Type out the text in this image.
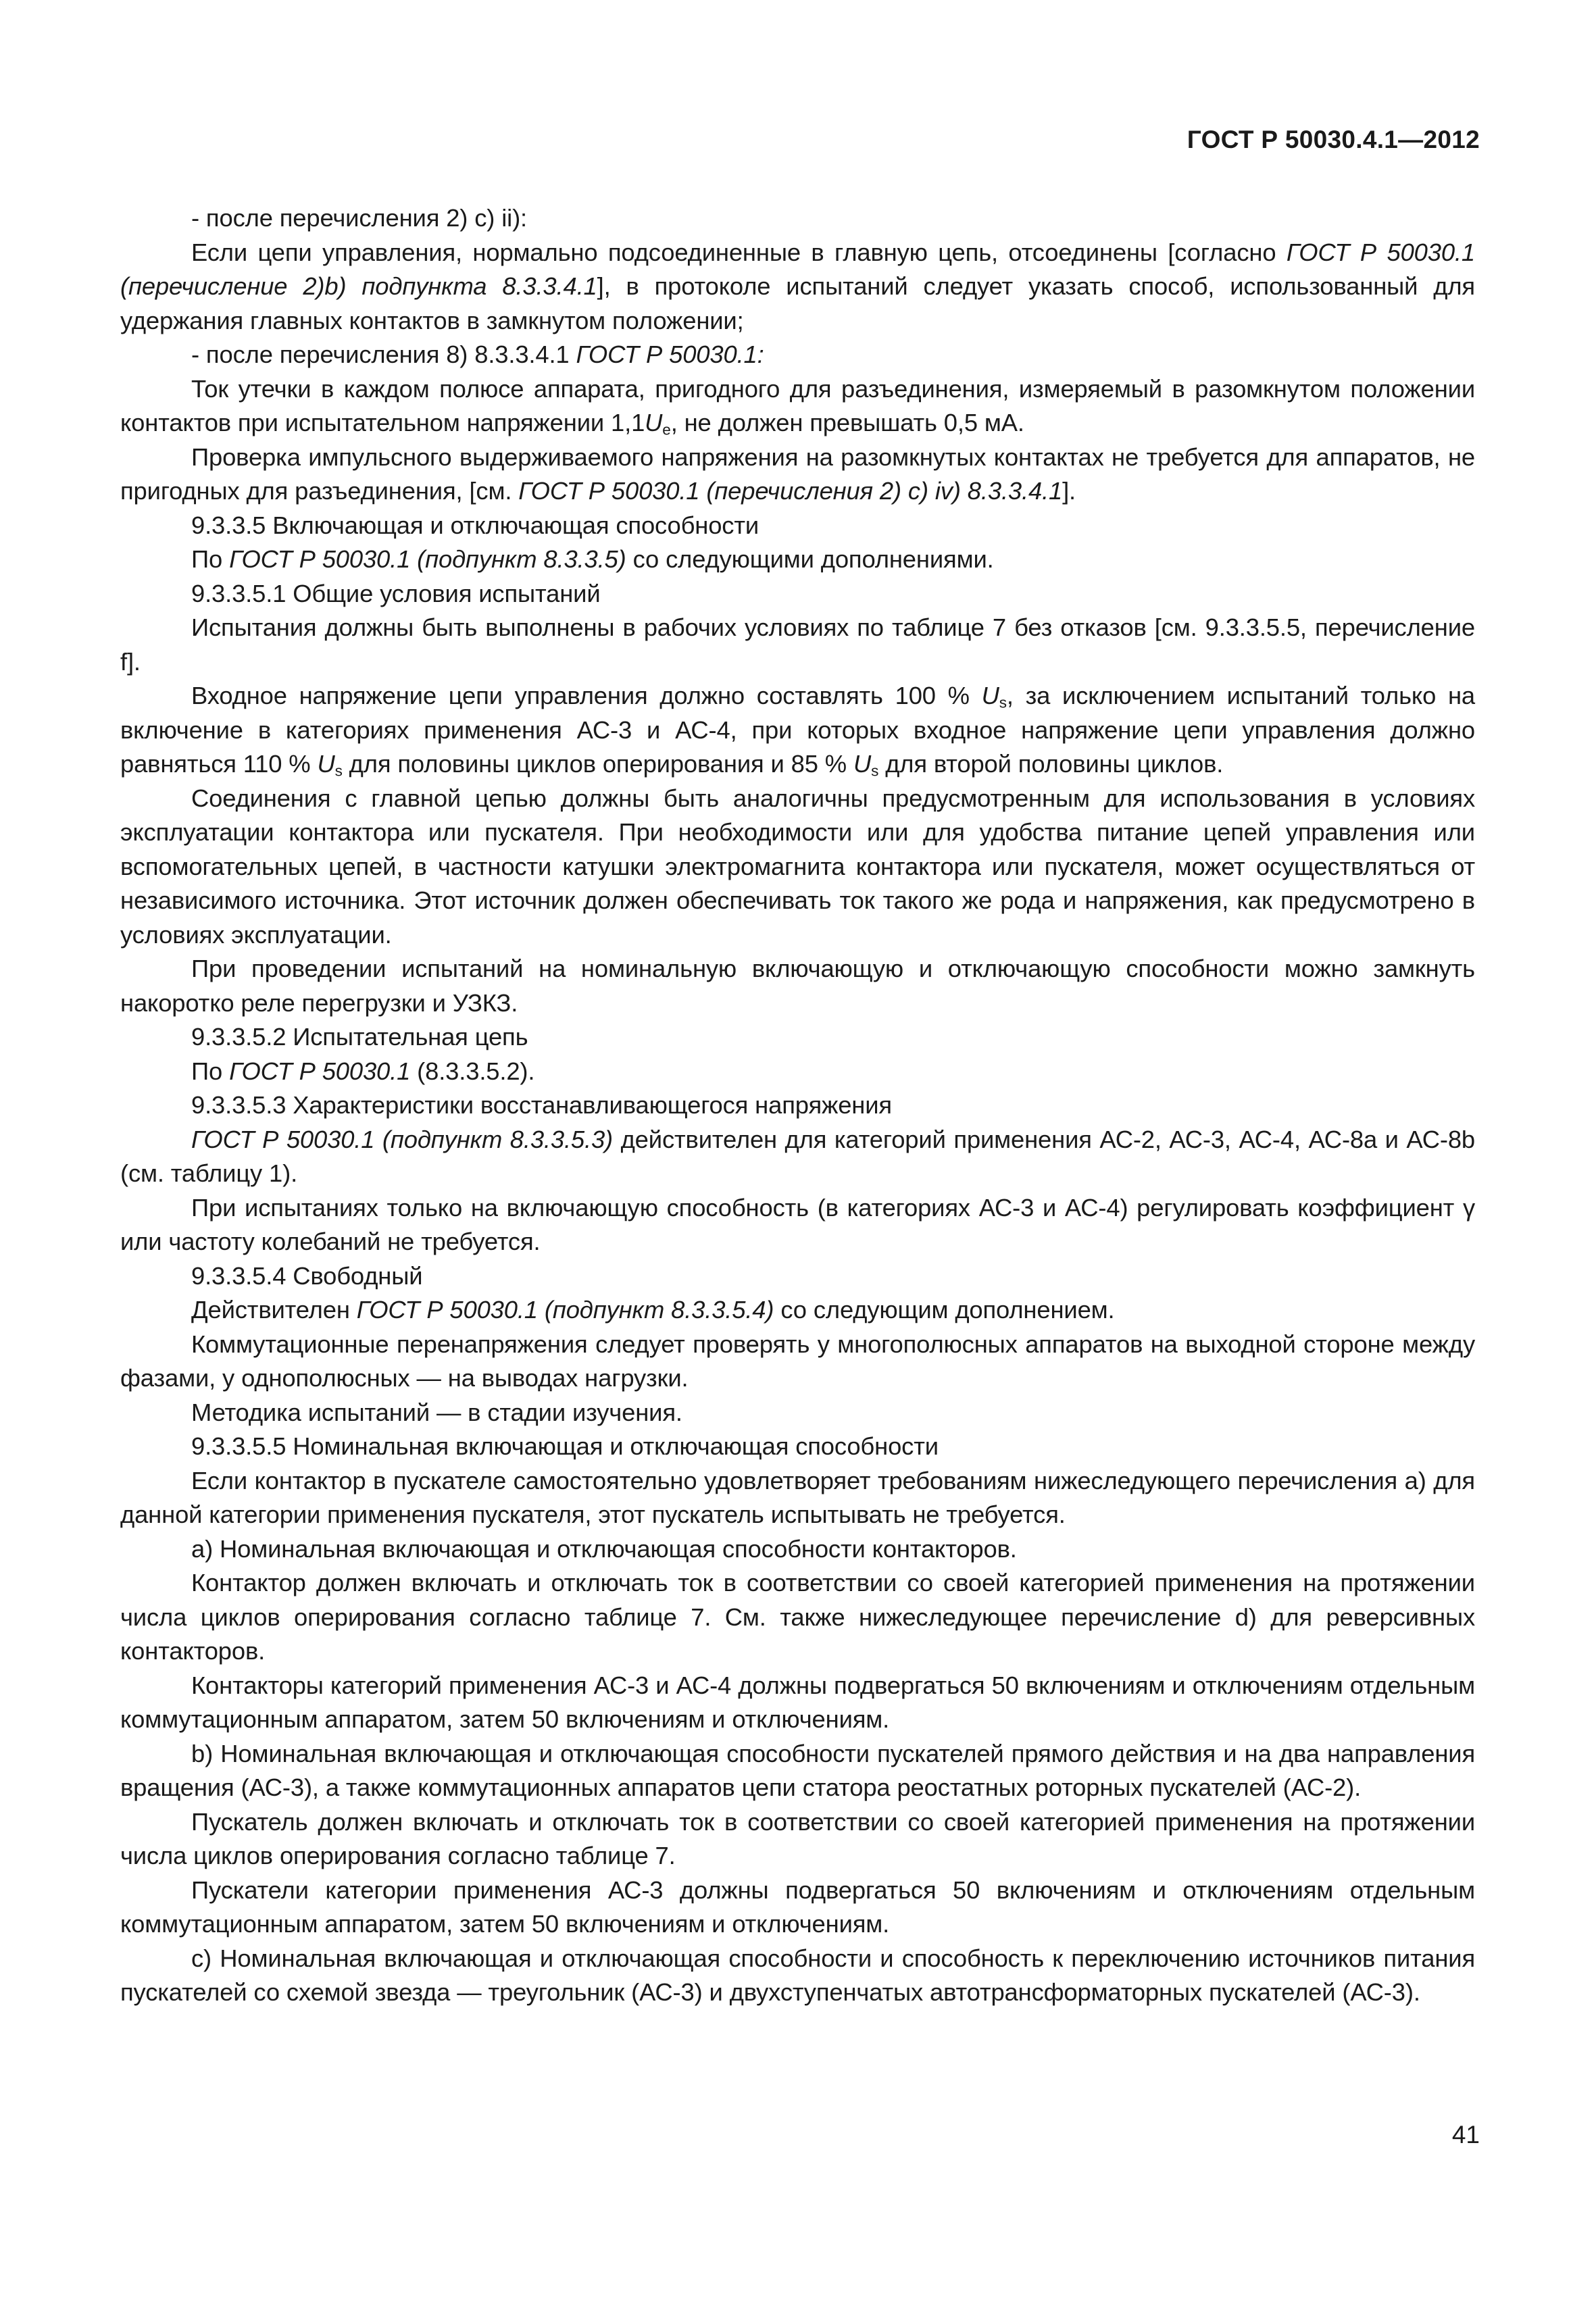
ГОСТ Р 50030.4.1—2012

- после перечисления 2) с) ii):

Если цепи управления, нормально подсоединенные в главную цепь, отсоединены [согласно ГОСТ Р 50030.1 (перечисление 2)b) подпункта 8.3.3.4.1], в протоколе испытаний следует указать способ, использованный для удержания главных контактов в замкнутом положении;

- после перечисления 8) 8.3.3.4.1 ГОСТ Р 50030.1:

Ток утечки в каждом полюсе аппарата, пригодного для разъединения, измеряемый в разомкнутом положении контактов при испытательном напряжении $1,1U_e$, не должен превышать 0,5 мА.

Проверка импульсного выдерживаемого напряжения на разомкнутых контактах не требуется для аппаратов, не пригодных для разъединения, [см. ГОСТ Р 50030.1 (перечисления 2) с) iv) 8.3.3.4.1].

9.3.3.5 Включающая и отключающая способности

По ГОСТ Р 50030.1 (подпункт 8.3.3.5) со следующими дополнениями.

9.3.3.5.1 Общие условия испытаний

Испытания должны быть выполнены в рабочих условиях по таблице 7 без отказов [см. 9.3.3.5.5, перечисление f].

Входное напряжение цепи управления должно составлять 100 % $U_s$, за исключением испытаний только на включение в категориях применения АС-3 и АС-4, при которых входное напряжение цепи управления должно равняться 110 % $U_s$ для половины циклов оперирования и 85 % $U_s$ для второй половины циклов.

Соединения с главной цепью должны быть аналогичны предусмотренным для использования в условиях эксплуатации контактора или пускателя. При необходимости или для удобства питание цепей управления или вспомогательных цепей, в частности катушки электромагнита контактора или пускателя, может осуществляться от независимого источника. Этот источник должен обеспечивать ток такого же рода и напряжения, как предусмотрено в условиях эксплуатации.

При проведении испытаний на номинальную включающую и отключающую способности можно замкнуть накоротко реле перегрузки и УЗКЗ.

9.3.3.5.2 Испытательная цепь

По ГОСТ Р 50030.1 (8.3.3.5.2).

9.3.3.5.3 Характеристики восстанавливающегося напряжения

ГОСТ Р 50030.1 (подпункт 8.3.3.5.3) действителен для категорий применения АС-2, АС-3, АС-4, АС-8а и АС-8b (см. таблицу 1).

При испытаниях только на включающую способность (в категориях АС-3 и АС-4) регулировать коэффициент γ или частоту колебаний не требуется.

9.3.3.5.4 Свободный

Действителен ГОСТ Р 50030.1 (подпункт 8.3.3.5.4) со следующим дополнением.

Коммутационные перенапряжения следует проверять у многополюсных аппаратов на выходной стороне между фазами, у однополюсных — на выводах нагрузки.

Методика испытаний — в стадии изучения.

9.3.3.5.5 Номинальная включающая и отключающая способности

Если контактор в пускателе самостоятельно удовлетворяет требованиям нижеследующего перечисления а) для данной категории применения пускателя, этот пускатель испытывать не требуется.

а) Номинальная включающая и отключающая способности контакторов.

Контактор должен включать и отключать ток в соответствии со своей категорией применения на протяжении числа циклов оперирования согласно таблице 7. См. также нижеследующее перечисление d) для реверсивных контакторов.

Контакторы категорий применения АС-3 и АС-4 должны подвергаться 50 включениям и отключениям отдельным коммутационным аппаратом, затем 50 включениям и отключениям.

b) Номинальная включающая и отключающая способности пускателей прямого действия и на два направления вращения (АС-3), а также коммутационных аппаратов цепи статора реостатных роторных пускателей (АС-2).

Пускатель должен включать и отключать ток в соответствии со своей категорией применения на протяжении числа циклов оперирования согласно таблице 7.

Пускатели категории применения АС-3 должны подвергаться 50 включениям и отключениям отдельным коммутационным аппаратом, затем 50 включениям и отключениям.

с) Номинальная включающая и отключающая способности и способность к переключению источников питания пускателей со схемой звезда — треугольник (АС-3) и двухступенчатых автотрансформаторных пускателей (АС-3).

41
